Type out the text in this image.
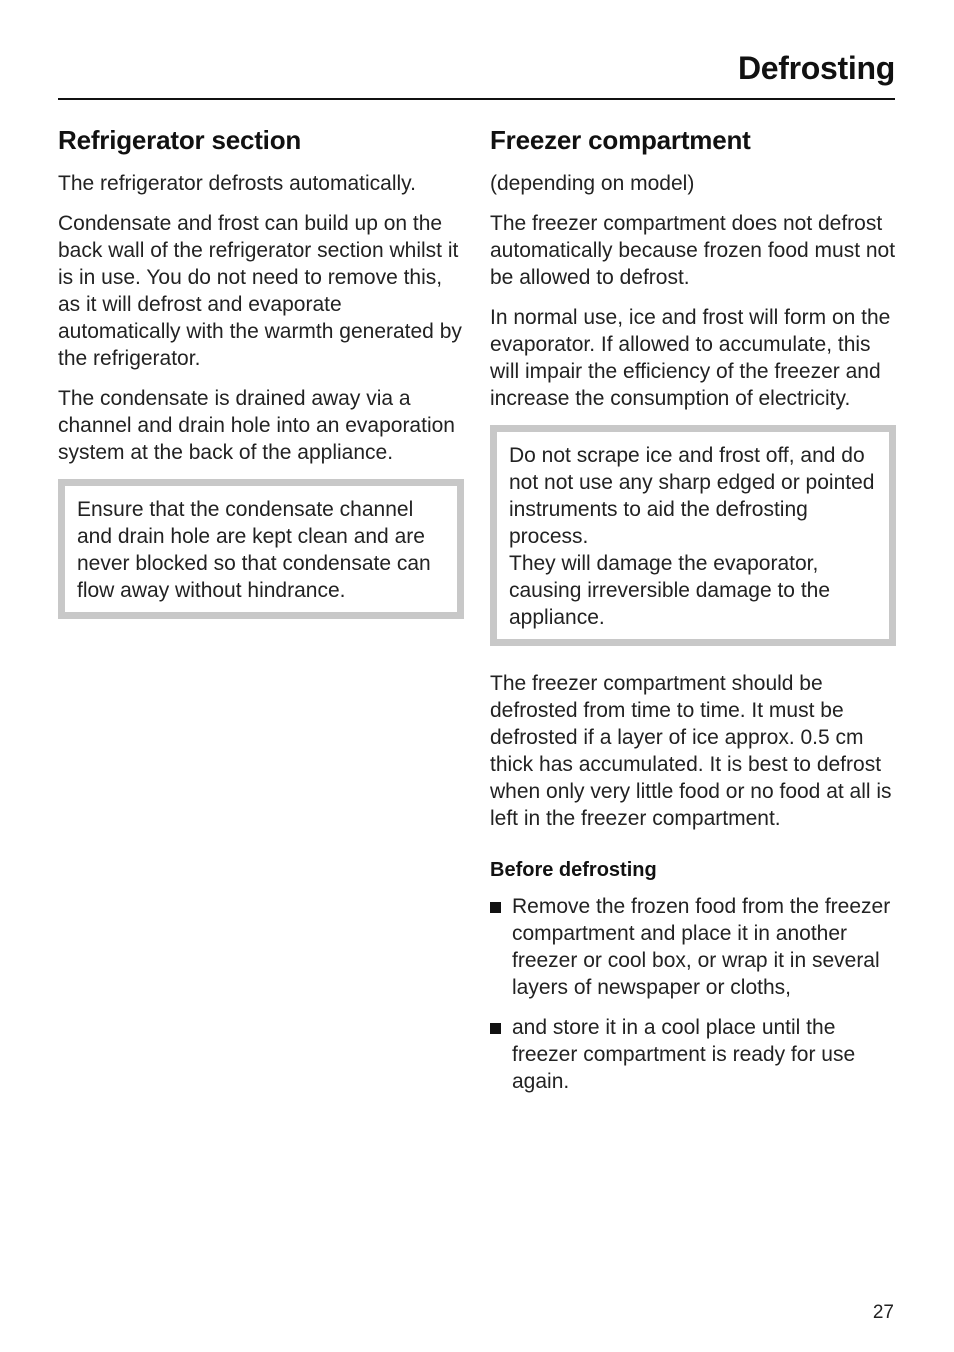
Defrosting
Refrigerator section

The refrigerator defrosts automatically.

Condensate and frost can build up on the back wall of the refrigerator section whilst it is in use. You do not need to remove this, as it will defrost and evaporate automatically with the warmth generated by the refrigerator.

The condensate is drained away via a channel and drain hole into an evaporation system at the back of the appliance.

Ensure that the condensate channel and drain hole are kept clean and are never blocked so that condensate can flow away without hindrance.
Freezer compartment

(depending on model)

The freezer compartment does not defrost automatically because frozen food must not be allowed to defrost.

In normal use, ice and frost will form on the evaporator. If allowed to accumulate, this will impair the efficiency of the freezer and increase the consumption of electricity.

Do not scrape ice and frost off, and do not not use any sharp edged or pointed instruments to aid the defrosting process.
They will damage the evaporator, causing irreversible damage to the appliance.

The freezer compartment should be defrosted from time to time. It must be defrosted if a layer of ice approx. 0.5 cm thick has accumulated. It is best to defrost when only very little food or no food at all is left in the freezer compartment.

Before defrosting
Remove the frozen food from the freezer compartment and place it in another freezer or cool box, or wrap it in several layers of newspaper or cloths,
and store it in a cool place until the freezer compartment is ready for use again.
27
